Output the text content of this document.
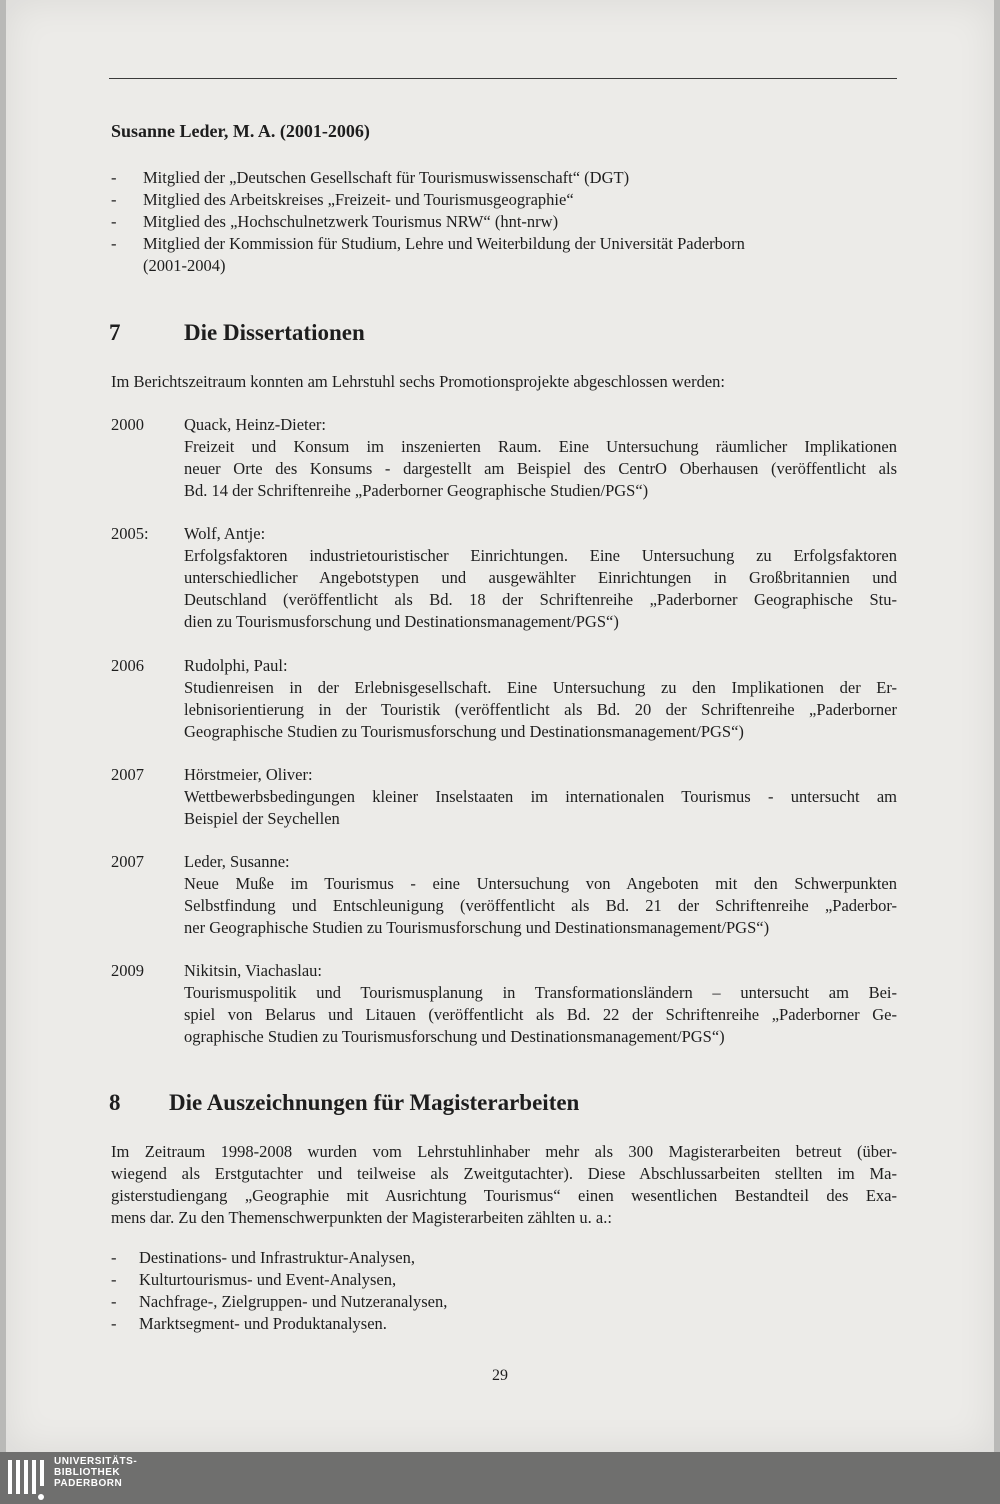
Susanne Leder, M. A. (2001-2006)

- Mitglied der „Deutschen Gesellschaft für Tourismuswissenschaft“ (DGT)
- Mitglied des Arbeitskreises „Freizeit- und Tourismusgeographie“
- Mitglied des „Hochschulnetzwerk Tourismus NRW“ (hnt-nrw)
- Mitglied der Kommission für Studium, Lehre und Weiterbildung der Universität Paderborn
(2001-2004)

7	Die Dissertationen

Im Berichtszeitraum konnten am Lehrstuhl sechs Promotionsprojekte abgeschlossen werden:

2000 Quack, Heinz-Dieter:
Freizeit und Konsum im inszenierten Raum. Eine Untersuchung räumlicher Implikationen
neuer Orte des Konsums - dargestellt am Beispiel des CentrO Oberhausen (veröffentlicht als
Bd. 14 der Schriftenreihe „Paderborner Geographische Studien/PGS“)
2005: Wolf, Antje:
Erfolgsfaktoren industrietouristischer Einrichtungen. Eine Untersuchung zu Erfolgsfaktoren
unterschiedlicher Angebotstypen und ausgewählter Einrichtungen in Großbritannien und
Deutschland (veröffentlicht als Bd. 18 der Schriftenreihe „Paderborner Geographische Stu-
dien zu Tourismusforschung und Destinationsmanagement/PGS“)
2006 Rudolphi, Paul:
Studienreisen in der Erlebnisgesellschaft. Eine Untersuchung zu den Implikationen der Er-
lebnisorientierung in der Touristik (veröffentlicht als Bd. 20 der Schriftenreihe „Paderborner
Geographische Studien zu Tourismusforschung und Destinationsmanagement/PGS“)
2007 Hörstmeier, Oliver:
Wettbewerbsbedingungen kleiner Inselstaaten im internationalen Tourismus - untersucht am
Beispiel der Seychellen
2007 Leder, Susanne:
Neue Muße im Tourismus - eine Untersuchung von Angeboten mit den Schwerpunkten
Selbstfindung und Entschleunigung (veröffentlicht als Bd. 21 der Schriftenreihe „Paderbor-
ner Geographische Studien zu Tourismusforschung und Destinationsmanagement/PGS“)
2009 Nikitsin, Viachaslau:
Tourismuspolitik und Tourismusplanung in Transformationsländern – untersucht am Bei-
spiel von Belarus und Litauen (veröffentlicht als Bd. 22 der Schriftenreihe „Paderborner Ge-
ographische Studien zu Tourismusforschung und Destinationsmanagement/PGS“)

8 Die Auszeichnungen für Magisterarbeiten

Im Zeitraum 1998-2008 wurden vom Lehrstuhlinhaber mehr als 300 Magisterarbeiten betreut (über-
wiegend als Erstgutachter und teilweise als Zweitgutachter). Diese Abschlussarbeiten stellten im Ma-
gisterstudiengang „Geographie mit Ausrichtung Tourismus“ einen wesentlichen Bestandteil des Exa-
mens dar. Zu den Themenschwerpunkten der Magisterarbeiten zählten u. a.:
- Destinations- und Infrastruktur-Analysen,
- Kulturtourismus- und Event-Analysen,
- Nachfrage-, Zielgruppen- und Nutzeranalysen,
- Marktsegment- und Produktanalysen.
29
UNIVERSITÄTS-
BIBLIOTHEK
PADERBORN
